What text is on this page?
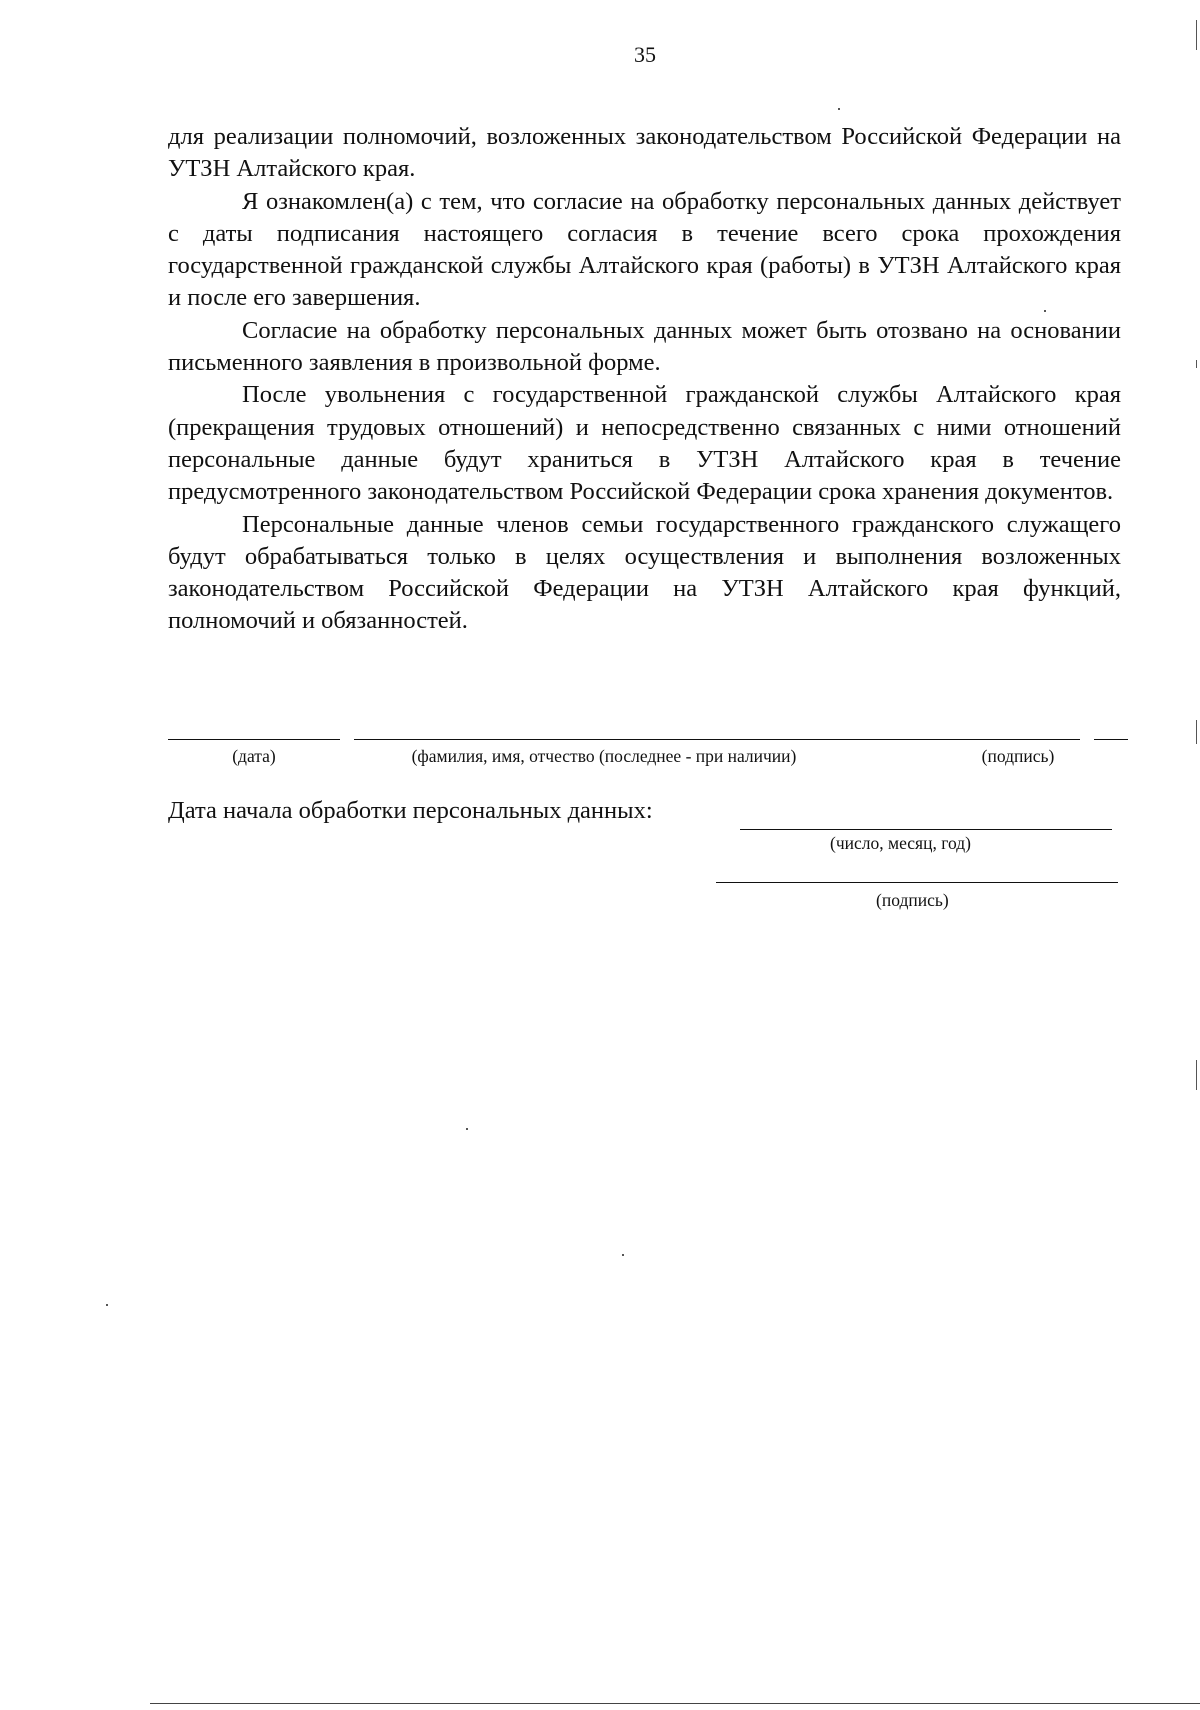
35

для реализации полномочий, возложенных законодательством Российской Федерации на УТЗН Алтайского края.

Я ознакомлен(а) с тем, что согласие на обработку персональных данных действует с даты подписания настоящего согласия в течение всего срока прохождения государственной гражданской службы Алтайского края (работы) в УТЗН Алтайского края и после его завершения.

Согласие на обработку персональных данных может быть отозвано на основании письменного заявления в произвольной форме.

После увольнения с государственной гражданской службы Алтайского края (прекращения трудовых отношений) и непосредственно связанных с ними отношений персональные данные будут храниться в УТЗН Алтайского края в течение предусмотренного законодательством Российской Федерации срока хранения документов.

Персональные данные членов семьи государственного гражданского служащего будут обрабатываться только в целях осуществления и выполнения возложенных законодательством Российской Федерации на УТЗН Алтайского края функций, полномочий и обязанностей.

(дата)	(фамилия, имя, отчество (последнее - при наличии)	(подпись)
Дата начала обработки персональных данных:
(число, месяц, год)
(подпись)
